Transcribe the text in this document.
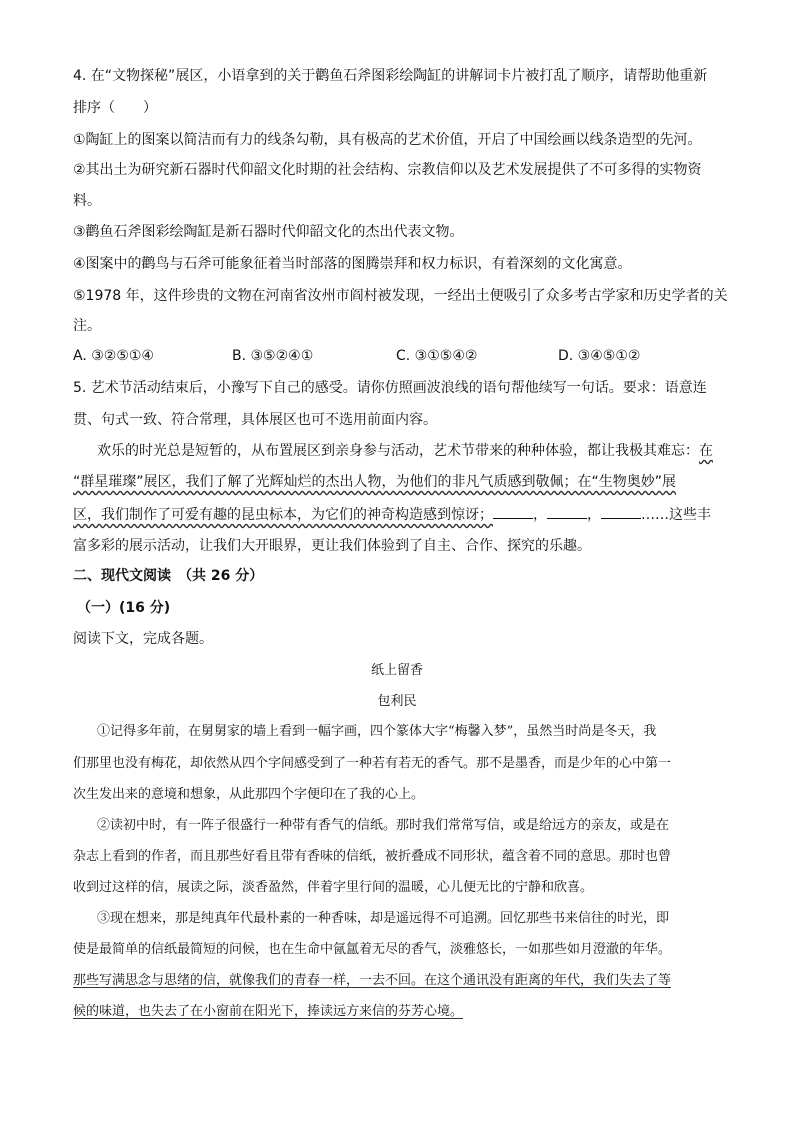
4. 在“文物探秘”展区，小语拿到的关于鹳鱼石斧图彩绘陶缸的讲解词卡片被打乱了顺序，请帮助他重新
排序（　　）
①陶缸上的图案以简洁而有力的线条勾勒，具有极高的艺术价值，开启了中国绘画以线条造型的先河。
②其出土为研究新石器时代仰韶文化时期的社会结构、宗教信仰以及艺术发展提供了不可多得的实物资
料。
③鹳鱼石斧图彩绘陶缸是新石器时代仰韶文化的杰出代表文物。
④图案中的鹳鸟与石斧可能象征着当时部落的图腾崇拜和权力标识，有着深刻的文化寓意。
⑤1978 年，这件珍贵的文物在河南省汝州市阎村被发现，一经出土便吸引了众多考古学家和历史学者的关
注。
A. ③②⑤①④	B. ③⑤②④①	C. ③①⑤④②	D. ③④⑤①②
5. 艺术节活动结束后，小豫写下自己的感受。请你仿照画波浪线的语句帮他续写一句话。要求：语意连
贯、句式一致、符合常理，具体展区也可不选用前面内容。
欢乐的时光总是短暂的，从布置展区到亲身参与活动，艺术节带来的种种体验，都让我极其难忘：在
“群星璀璨”展区，我们了解了光辉灿烂的杰出人物，为他们的非凡气质感到敬佩；在“生物奥妙”展
区，我们制作了可爱有趣的昆虫标本，为它们的神奇构造感到惊讶；	，	，	……这些丰
富多彩的展示活动，让我们大开眼界，更让我们体验到了自主、合作、探究的乐趣。
二、现代文阅读　（共 26 分）
（一）(16 分)
阅读下文，完成各题。
纸上留香
包利民
①记得多年前，在舅舅家的墙上看到一幅字画，四个篆体大字“梅馨入梦”，虽然当时尚是冬天，我
们那里也没有梅花，却依然从四个字间感受到了一种若有若无的香气。那不是墨香，而是少年的心中第一
次生发出来的意境和想象，从此那四个字便印在了我的心上。
②读初中时，有一阵子很盛行一种带有香气的信纸。那时我们常常写信，或是给远方的亲友，或是在
杂志上看到的作者，而且那些好看且带有香味的信纸，被折叠成不同形状，蕴含着不同的意思。那时也曾
收到过这样的信，展读之际，淡香盈然，伴着字里行间的温暖，心儿便无比的宁静和欣喜。
③现在想来，那是纯真年代最朴素的一种香味，却是遥远得不可追溯。回忆那些书来信往的时光，即
使是最简单的信纸最简短的问候，也在生命中氤氲着无尽的香气，淡雅悠长，一如那些如月澄澈的年华。
那些写满思念与思绪的信，就像我们的青春一样，一去不回。在这个通讯没有距离的年代，我们失去了等
候的味道，也失去了在小窗前在阳光下，捧读远方来信的芬芳心境。
